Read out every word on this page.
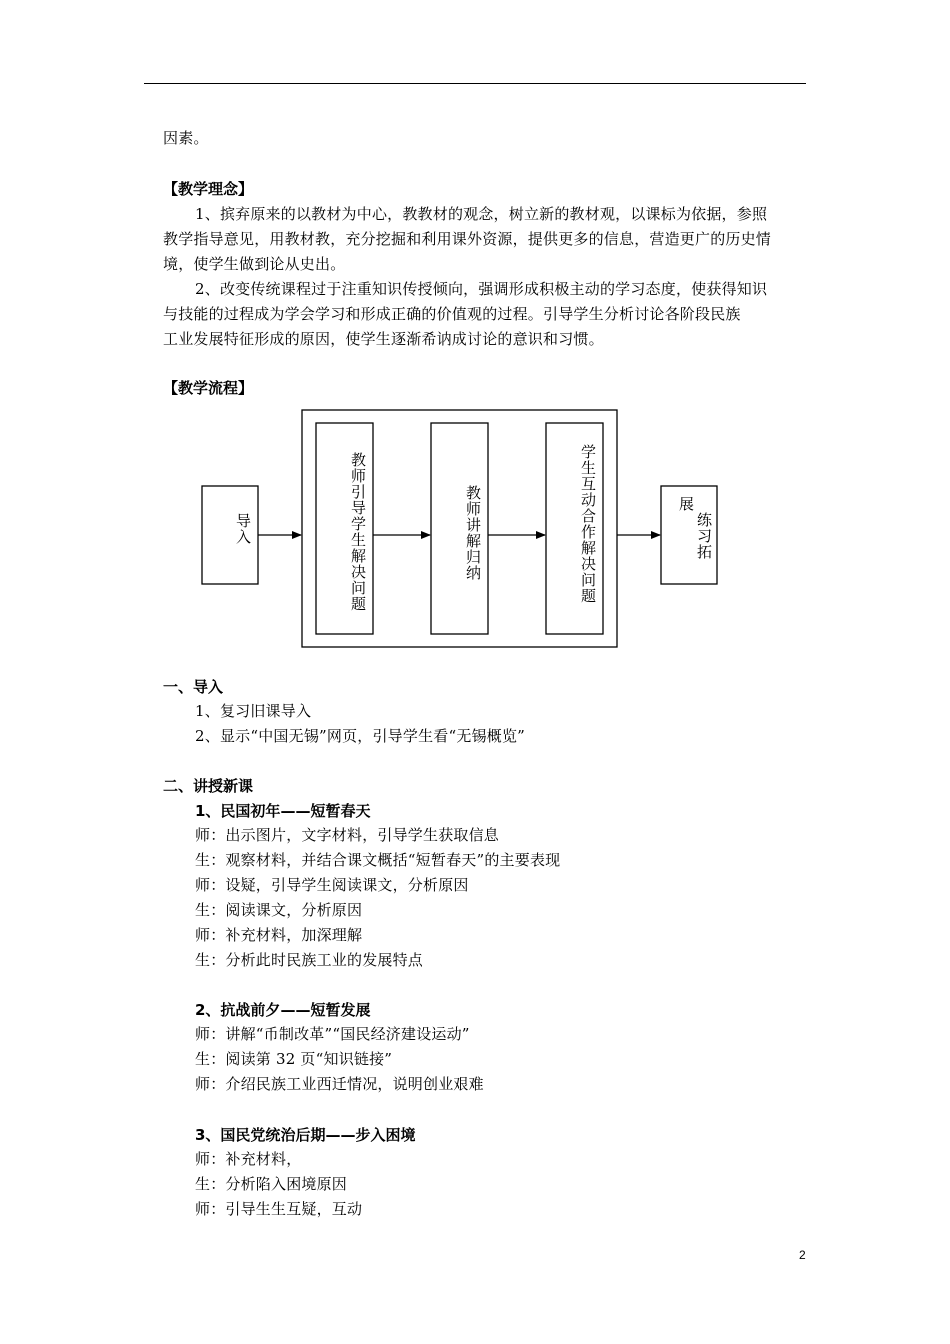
因素。
【教学理念】
1、摈弃原来的以教材为中心，教教材的观念，树立新的教材观，以课标为依据，参照
教学指导意见，用教材教，充分挖掘和利用课外资源，提供更多的信息，营造更广的历史情
境，使学生做到论从史出。
2、改变传统课程过于注重知识传授倾向，强调形成积极主动的学习态度，使获得知识
与技能的过程成为学会学习和形成正确的价值观的过程。引导学生分析讨论各阶段民族
工业发展特征形成的原因，使学生逐渐希讷成讨论的意识和习惯。
【教学流程】
导入	教师引导学生解决问题	教师讲解归纳	学生互动合作解决问题	展
练习拓
一、导入
1、复习旧课导入
2、显示“中国无锡”网页，引导学生看“无锡概览”
二、讲授新课
1、民国初年——短暂春天
师：出示图片，文字材料，引导学生获取信息
生：观察材料，并结合课文概括“短暂春天”的主要表现
师：设疑，引导学生阅读课文，分析原因
生：阅读课文，分析原因
师：补充材料，加深理解
生：分析此时民族工业的发展特点
2、抗战前夕——短暂发展
师：讲解“币制改革”“国民经济建设运动”
生：阅读第 32 页“知识链接”
师：介绍民族工业西迁情况，说明创业艰难
3、国民党统治后期——步入困境
师：补充材料，
生：分析陷入困境原因
师：引导生生互疑，互动
2
